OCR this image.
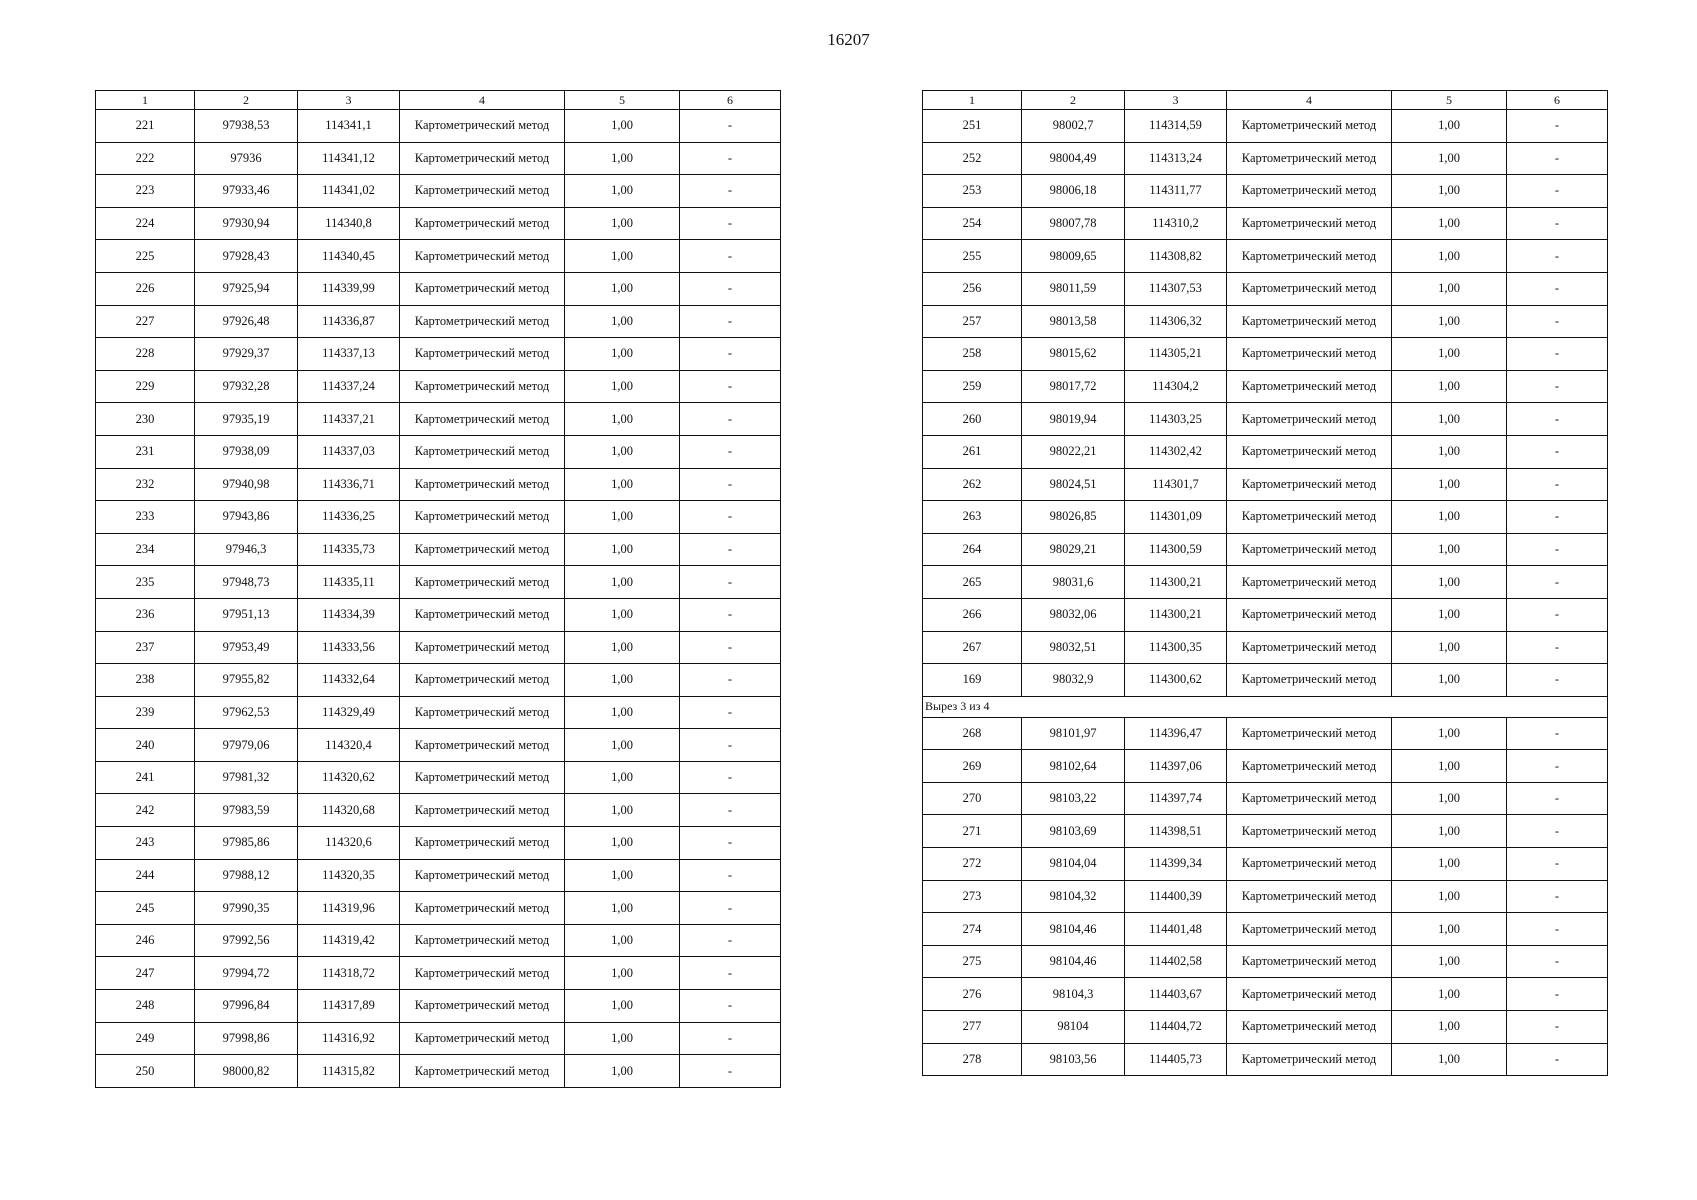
16207
1	2	3	4	5	6
221	97938,53	114341,1	Картометрический метод	1,00	-
222	97936	114341,12	Картометрический метод	1,00	-
223	97933,46	114341,02	Картометрический метод	1,00	-
224	97930,94	114340,8	Картометрический метод	1,00	-
225	97928,43	114340,45	Картометрический метод	1,00	-
226	97925,94	114339,99	Картометрический метод	1,00	-
227	97926,48	114336,87	Картометрический метод	1,00	-
228	97929,37	114337,13	Картометрический метод	1,00	-
229	97932,28	114337,24	Картометрический метод	1,00	-
230	97935,19	114337,21	Картометрический метод	1,00	-
231	97938,09	114337,03	Картометрический метод	1,00	-
232	97940,98	114336,71	Картометрический метод	1,00	-
233	97943,86	114336,25	Картометрический метод	1,00	-
234	97946,3	114335,73	Картометрический метод	1,00	-
235	97948,73	114335,11	Картометрический метод	1,00	-
236	97951,13	114334,39	Картометрический метод	1,00	-
237	97953,49	114333,56	Картометрический метод	1,00	-
238	97955,82	114332,64	Картометрический метод	1,00	-
239	97962,53	114329,49	Картометрический метод	1,00	-
240	97979,06	114320,4	Картометрический метод	1,00	-
241	97981,32	114320,62	Картометрический метод	1,00	-
242	97983,59	114320,68	Картометрический метод	1,00	-
243	97985,86	114320,6	Картометрический метод	1,00	-
244	97988,12	114320,35	Картометрический метод	1,00	-
245	97990,35	114319,96	Картометрический метод	1,00	-
246	97992,56	114319,42	Картометрический метод	1,00	-
247	97994,72	114318,72	Картометрический метод	1,00	-
248	97996,84	114317,89	Картометрический метод	1,00	-
249	97998,86	114316,92	Картометрический метод	1,00	-
250	98000,82	114315,82	Картометрический метод	1,00	-
1	2	3	4	5	6
251	98002,7	114314,59	Картометрический метод	1,00	-
252	98004,49	114313,24	Картометрический метод	1,00	-
253	98006,18	114311,77	Картометрический метод	1,00	-
254	98007,78	114310,2	Картометрический метод	1,00	-
255	98009,65	114308,82	Картометрический метод	1,00	-
256	98011,59	114307,53	Картометрический метод	1,00	-
257	98013,58	114306,32	Картометрический метод	1,00	-
258	98015,62	114305,21	Картометрический метод	1,00	-
259	98017,72	114304,2	Картометрический метод	1,00	-
260	98019,94	114303,25	Картометрический метод	1,00	-
261	98022,21	114302,42	Картометрический метод	1,00	-
262	98024,51	114301,7	Картометрический метод	1,00	-
263	98026,85	114301,09	Картометрический метод	1,00	-
264	98029,21	114300,59	Картометрический метод	1,00	-
265	98031,6	114300,21	Картометрический метод	1,00	-
266	98032,06	114300,21	Картометрический метод	1,00	-
267	98032,51	114300,35	Картометрический метод	1,00	-
169	98032,9	114300,62	Картометрический метод	1,00	-
Вырез 3 из 4					
268	98101,97	114396,47	Картометрический метод	1,00	-
269	98102,64	114397,06	Картометрический метод	1,00	-
270	98103,22	114397,74	Картометрический метод	1,00	-
271	98103,69	114398,51	Картометрический метод	1,00	-
272	98104,04	114399,34	Картометрический метод	1,00	-
273	98104,32	114400,39	Картометрический метод	1,00	-
274	98104,46	114401,48	Картометрический метод	1,00	-
275	98104,46	114402,58	Картометрический метод	1,00	-
276	98104,3	114403,67	Картометрический метод	1,00	-
277	98104	114404,72	Картометрический метод	1,00	-
278	98103,56	114405,73	Картометрический метод	1,00	-
